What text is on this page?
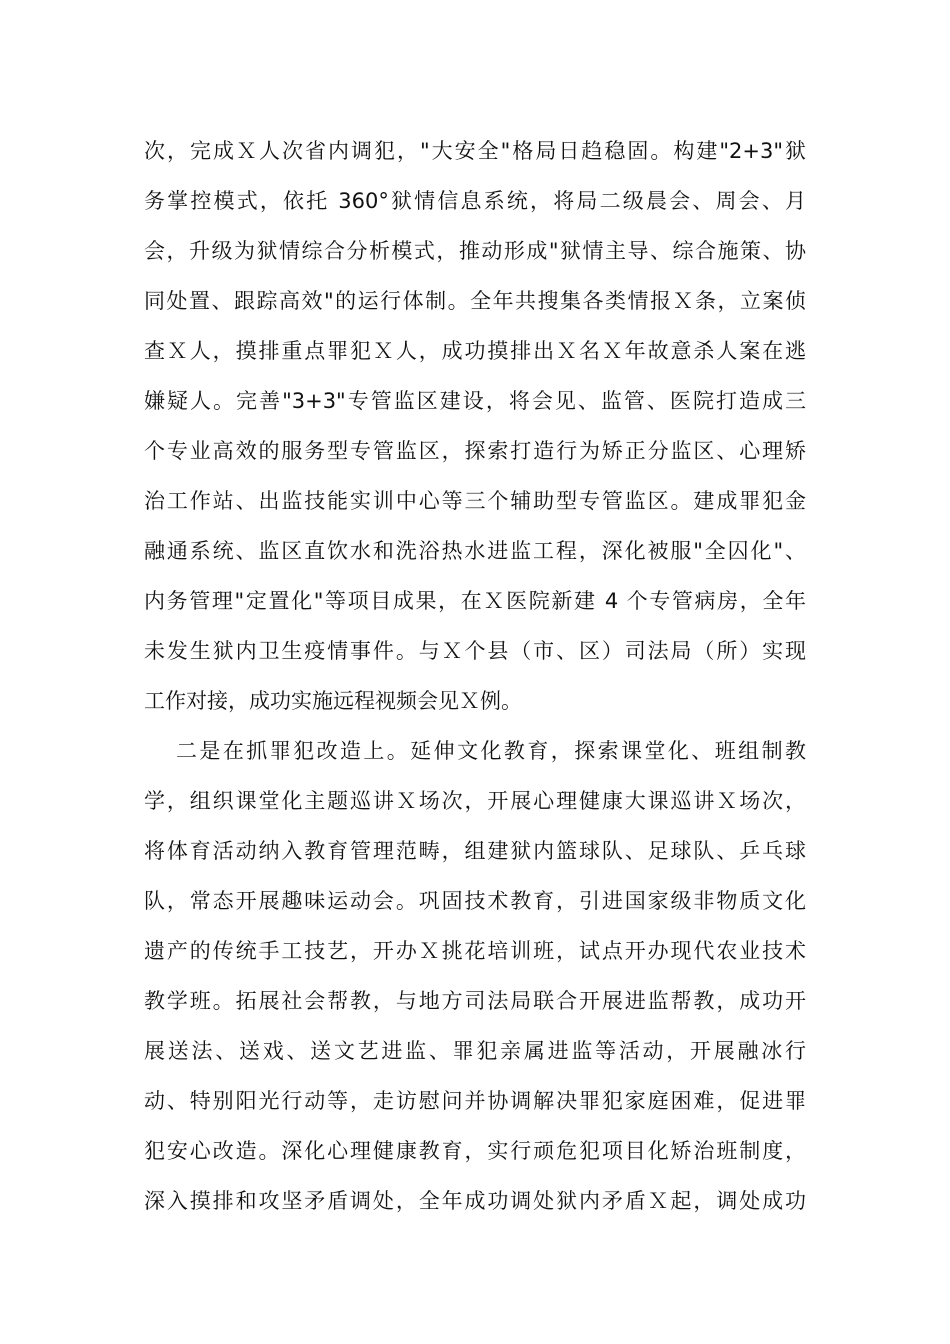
次，完成Ｘ人次省内调犯，"大安全"格局日趋稳固。构建"2+3"狱
务掌控模式，依托 360°狱情信息系统，将局二级晨会、周会、月
会，升级为狱情综合分析模式，推动形成"狱情主导、综合施策、协
同处置、跟踪高效"的运行体制。全年共搜集各类情报Ｘ条，立案侦
查Ｘ人，摸排重点罪犯Ｘ人，成功摸排出Ｘ名Ｘ年故意杀人案在逃
嫌疑人。完善"3+3"专管监区建设，将会见、监管、医院打造成三
个专业高效的服务型专管监区，探索打造行为矫正分监区、心理矫
治工作站、出监技能实训中心等三个辅助型专管监区。建成罪犯金
融通系统、监区直饮水和洗浴热水进监工程，深化被服"全囚化"、
内务管理"定置化"等项目成果，在Ｘ医院新建 4 个专管病房，全年
未发生狱内卫生疫情事件。与Ｘ个县（市、区）司法局（所）实现
工作对接，成功实施远程视频会见Ｘ例。
二是在抓罪犯改造上。延伸文化教育，探索课堂化、班组制教
学，组织课堂化主题巡讲Ｘ场次，开展心理健康大课巡讲Ｘ场次，
将体育活动纳入教育管理范畴，组建狱内篮球队、足球队、乒乓球
队，常态开展趣味运动会。巩固技术教育，引进国家级非物质文化
遗产的传统手工技艺，开办Ｘ挑花培训班，试点开办现代农业技术
教学班。拓展社会帮教，与地方司法局联合开展进监帮教，成功开
展送法、送戏、送文艺进监、罪犯亲属进监等活动，开展融冰行
动、特别阳光行动等，走访慰问并协调解决罪犯家庭困难，促进罪
犯安心改造。深化心理健康教育，实行顽危犯项目化矫治班制度，
深入摸排和攻坚矛盾调处，全年成功调处狱内矛盾Ｘ起，调处成功
